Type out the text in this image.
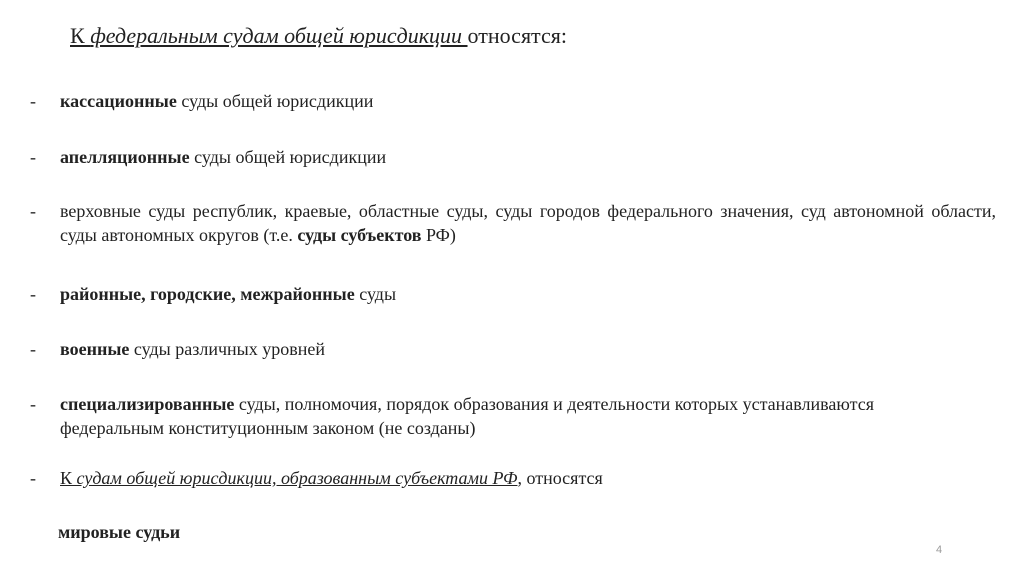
К федеральным судам общей юрисдикции относятся:
- кассационные суды общей юрисдикции
- апелляционные суды общей юрисдикции
- верховные суды республик, краевые, областные суды, суды городов федерального значения, суд автономной области, суды автономных округов (т.е. суды субъектов РФ)
- районные, городские, межрайонные суды
- военные суды различных уровней
- специализированные суды, полномочия, порядок образования и деятельности которых устанавливаются федеральным конституционным законом (не созданы)
- К судам общей юрисдикции, образованным субъектами РФ, относятся
мировые судьи
4
